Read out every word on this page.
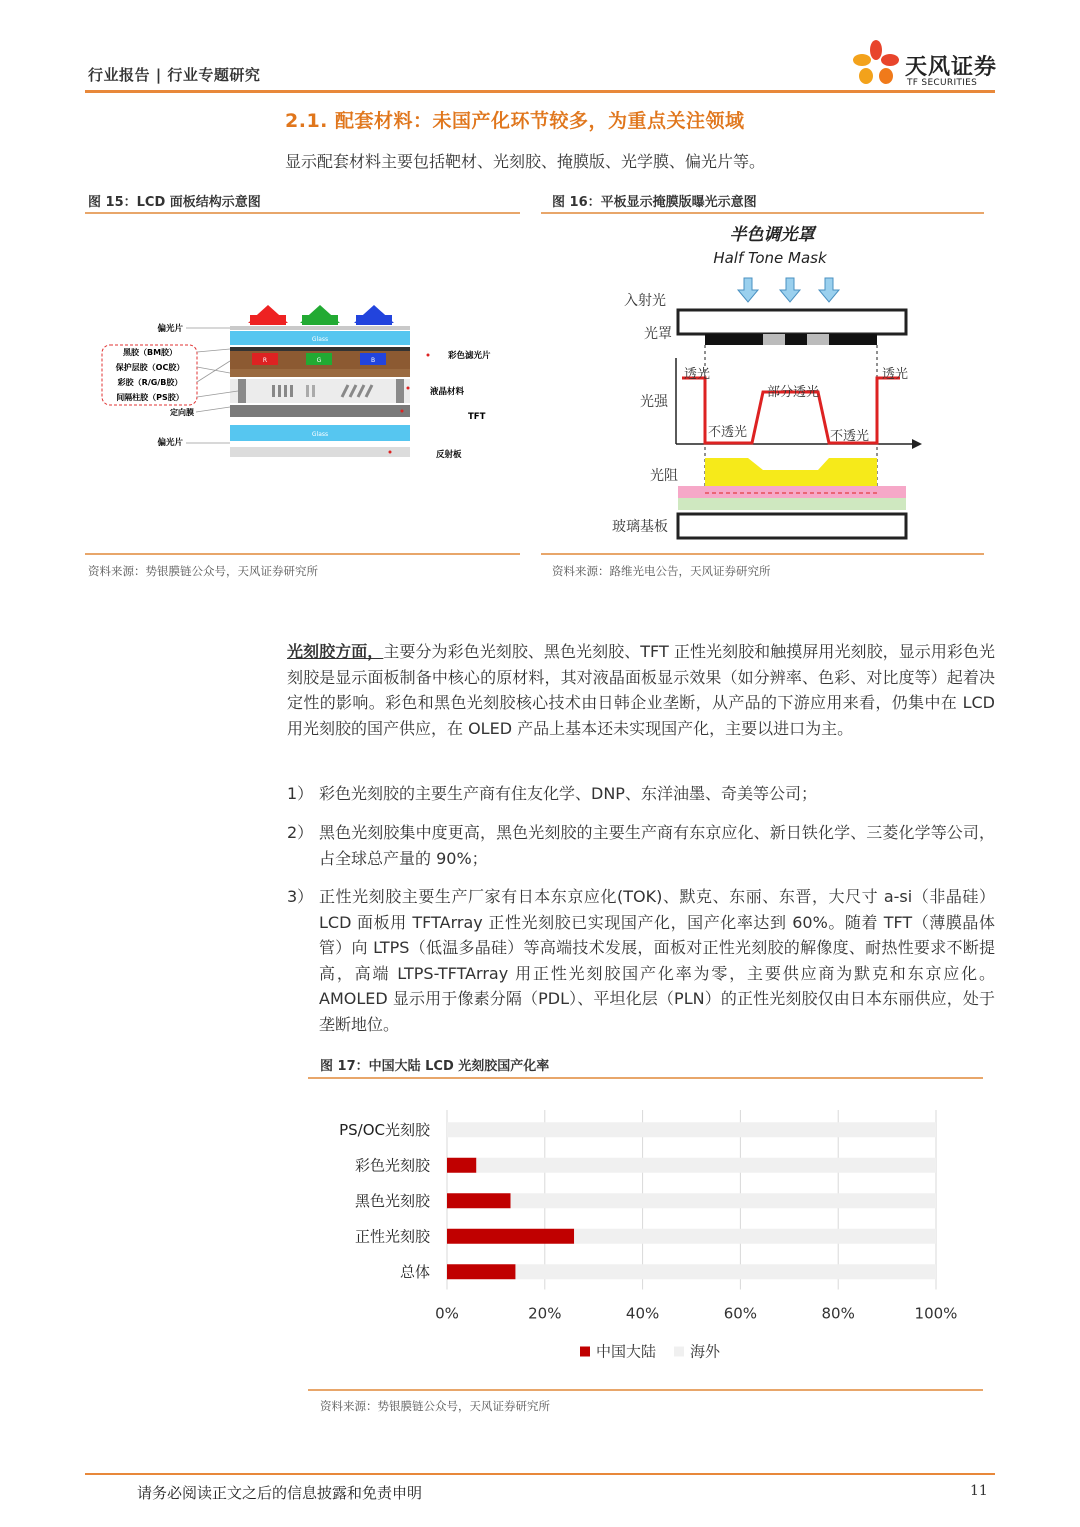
行业报告 | 行业专题研究	天风证券
TF SECURITIES
2.1. 配套材料：未国产化环节较多，为重点关注领域
显示配套材料主要包括靶材、光刻胶、掩膜版、光学膜、偏光片等。
图 15：LCD 面板结构示意图
Glass
R	G	B
Glass
偏光片
黑胶（BM胶）
保护层胶（OC胶）
彩胶（R/G/B胶）
间隔柱胶（PS胶）
定向膜
偏光片
彩色滤光片
液晶材料
TFT
反射板
资料来源：势银膜链公众号，天风证券研究所
图 16：平板显示掩膜版曝光示意图
半色调光罩
Half Tone Mask
入射光
光罩
光强
透光	透光
部分透光
不透光	不透光
光阻
玻璃基板
资料来源：路维光电公告，天风证券研究所
光刻胶方面，主要分为彩色光刻胶、黑色光刻胶、TFT 正性光刻胶和触摸屏用光刻胶，显示用彩色光刻胶是显示面板制备中核心的原材料，其对液晶面板显示效果（如分辨率、色彩、对比度等）起着决定性的影响。彩色和黑色光刻胶核心技术由日韩企业垄断，从产品的下游应用来看，仍集中在 LCD 用光刻胶的国产供应，在 OLED 产品上基本还未实现国产化，主要以进口为主。
1） 彩色光刻胶的主要生产商有住友化学、DNP、东洋油墨、奇美等公司；
2） 黑色光刻胶集中度更高，黑色光刻胶的主要生产商有东京应化、新日铁化学、三菱化学等公司，占全球总产量的 90%；
3） 正性光刻胶主要生产厂家有日本东京应化(TOK)、默克、东丽、东晋，大尺寸 a-si（非晶硅）LCD 面板用 TFTArray 正性光刻胶已实现国产化，国产化率达到 60%。随着 TFT（薄膜晶体管）向 LTPS（低温多晶硅）等高端技术发展，面板对正性光刻胶的解像度、耐热性要求不断提高，高端 LTPS-TFTArray 用正性光刻胶国产化率为零，主要供应商为默克和东京应化。AMOLED 显示用于像素分隔（PDL）、平坦化层（PLN）的正性光刻胶仅由日本东丽供应，处于垄断地位。
图 17：中国大陆 LCD 光刻胶国产化率
0%	20%	40%	60%	80%	100%
PS/OC光刻胶
彩色光刻胶
黑色光刻胶
正性光刻胶
总体
中国大陆 海外
资料来源：势银膜链公众号，天风证券研究所
请务必阅读正文之后的信息披露和免责申明	11
